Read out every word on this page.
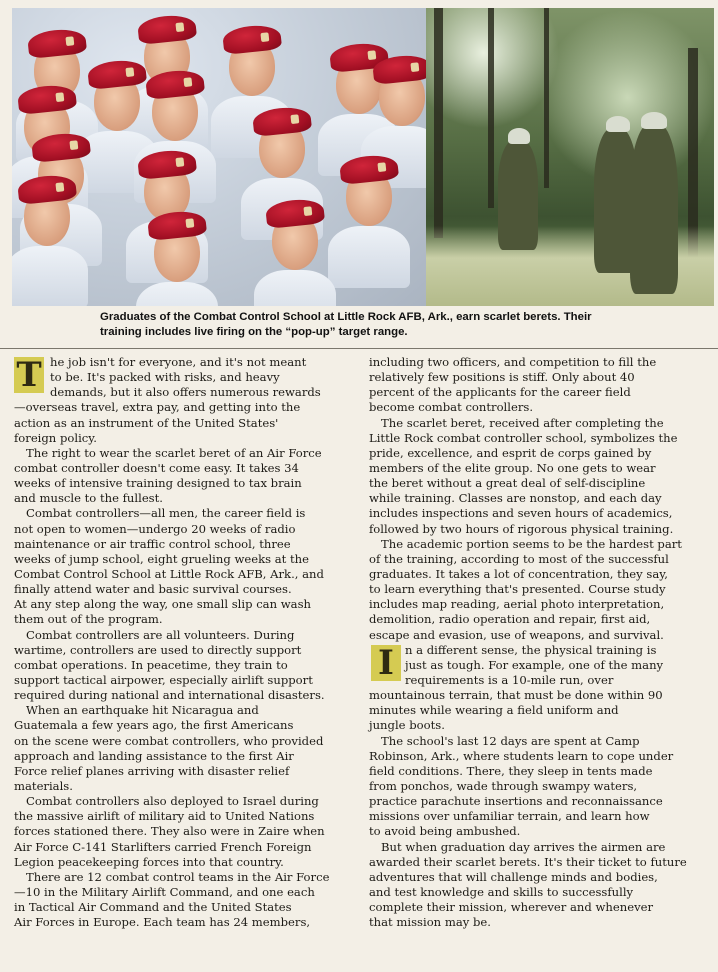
Graduates of the Combat Control School at Little Rock AFB, Ark., earn scarlet berets. Their
training includes live firing on the “pop-up” target range.
T he job isn't for everyone, and it's not meant
to be. It's packed with risks, and heavy
demands, but it also offers numerous rewards
—overseas travel, extra pay, and getting into the
action as an instrument of the United States'
foreign policy.
The right to wear the scarlet beret of an Air Force
combat controller doesn't come easy. It takes 34
weeks of intensive training designed to tax brain
and muscle to the fullest.
Combat controllers—all men, the career field is
not open to women—undergo 20 weeks of radio
maintenance or air traffic control school, three
weeks of jump school, eight grueling weeks at the
Combat Control School at Little Rock AFB, Ark., and
finally attend water and basic survival courses.
At any step along the way, one small slip can wash
them out of the program.
Combat controllers are all volunteers. During
wartime, controllers are used to directly support
combat operations. In peacetime, they train to
support tactical airpower, especially airlift support
required during national and international disasters.
When an earthquake hit Nicaragua and
Guatemala a few years ago, the first Americans
on the scene were combat controllers, who provided
approach and landing assistance to the first Air
Force relief planes arriving with disaster relief
materials.
Combat controllers also deployed to Israel during
the massive airlift of military aid to United Nations
forces stationed there. They also were in Zaire when
Air Force C-141 Starlifters carried French Foreign
Legion peacekeeping forces into that country.
There are 12 combat control teams in the Air Force
—10 in the Military Airlift Command, and one each
in Tactical Air Command and the United States
Air Forces in Europe. Each team has 24 members,
including two officers, and competition to fill the
relatively few positions is stiff. Only about 40
percent of the applicants for the career field
become combat controllers.
The scarlet beret, received after completing the
Little Rock combat controller school, symbolizes the
pride, excellence, and esprit de corps gained by
members of the elite group. No one gets to wear
the beret without a great deal of self-discipline
while training. Classes are nonstop, and each day
includes inspections and seven hours of academics,
followed by two hours of rigorous physical training.
The academic portion seems to be the hardest part
of the training, according to most of the successful
graduates. It takes a lot of concentration, they say,
to learn everything that's presented. Course study
includes map reading, aerial photo interpretation,
demolition, radio operation and repair, first aid,
escape and evasion, use of weapons, and survival.
I n a different sense, the physical training is
just as tough. For example, one of the many
requirements is a 10-mile run, over
mountainous terrain, that must be done within 90
minutes while wearing a field uniform and
jungle boots.
The school's last 12 days are spent at Camp
Robinson, Ark., where students learn to cope under
field conditions. There, they sleep in tents made
from ponchos, wade through swampy waters,
practice parachute insertions and reconnaissance
missions over unfamiliar terrain, and learn how
to avoid being ambushed.
But when graduation day arrives the airmen are
awarded their scarlet berets. It's their ticket to future
adventures that will challenge minds and bodies,
and test knowledge and skills to successfully
complete their mission, wherever and whenever
that mission may be.
